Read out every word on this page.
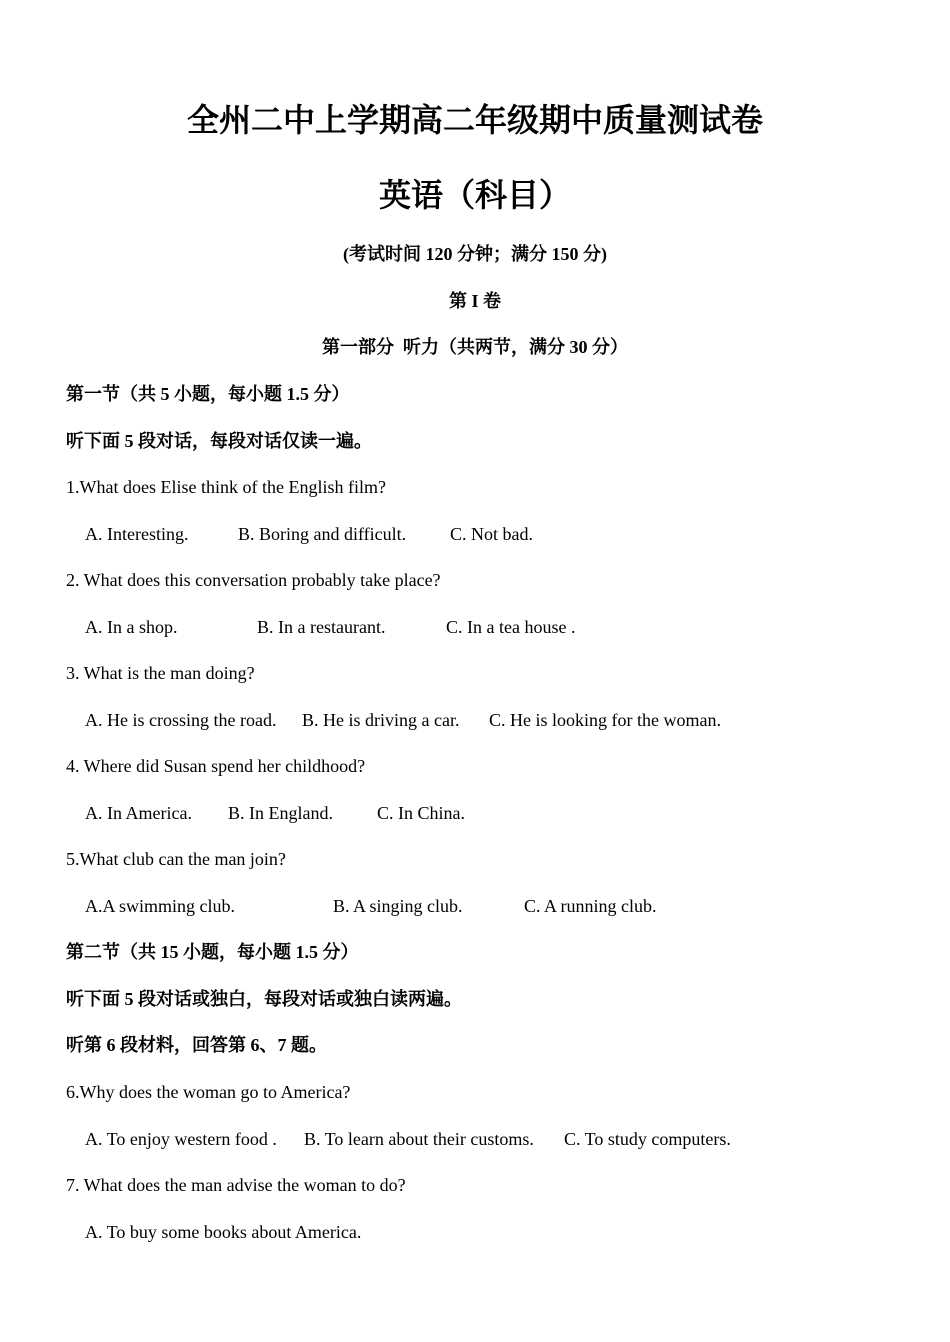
全州二中上学期高二年级期中质量测试卷
英语（科目）
(考试时间 120 分钟；满分 150 分)
第 I 卷
第一部分  听力（共两节，满分 30 分）
第一节（共 5 小题，每小题 1.5 分）
听下面 5 段对话，每段对话仅读一遍。
1.What does Elise think of the English film?
A. Interesting.	B. Boring and difficult.	C. Not bad.
2. What does this conversation probably take place?
A. In a shop.	B. In a restaurant.	C. In a tea house .
3. What is the man doing?
A. He is crossing the road.	B. He is driving a car.	C. He is looking for the woman.
4. Where did Susan spend her childhood?
A. In America.	B. In England.	C. In China.
5.What club can the man join?
A.A swimming club.	B. A singing club.	C. A running club.
第二节（共 15 小题，每小题 1.5 分）
听下面 5 段对话或独白，每段对话或独白读两遍。
听第 6 段材料，回答第 6、7 题。
6.Why does the woman go to America?
A. To enjoy western food .	B. To learn about their customs.	C. To study computers.
7. What does the man advise the woman to do?
A. To buy some books about America.
